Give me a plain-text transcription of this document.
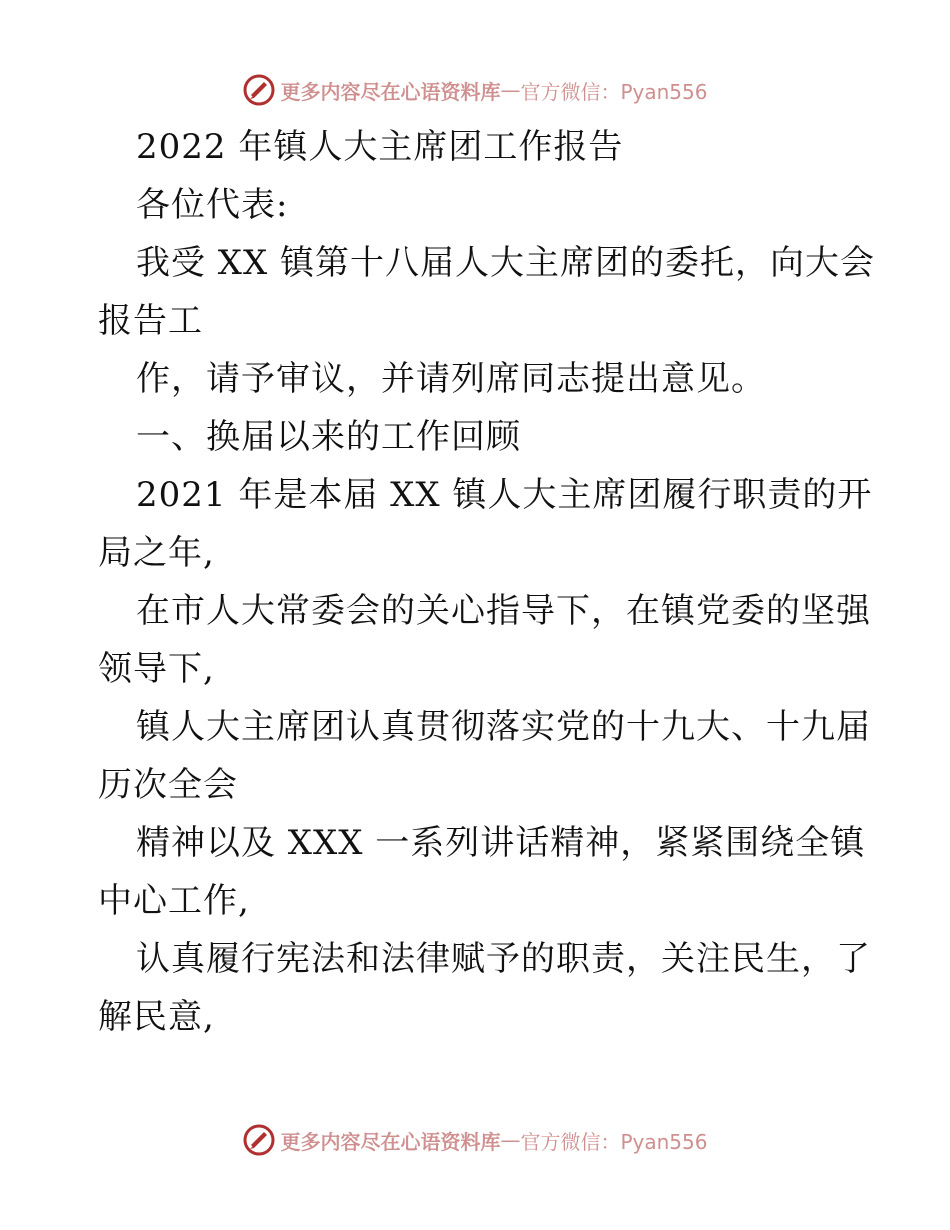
更多内容尽在心语资料库 — 官方微信：Pyan556
2022 年镇人大主席团工作报告
各位代表:
我受 XX 镇第十八届人大主席团的委托，向大会
报告工
作，请予审议，并请列席同志提出意见。
一、换届以来的工作回顾
2021 年是本届 XX 镇人大主席团履行职责的开
局之年,
在市人大常委会的关心指导下，在镇党委的坚强
领导下,
镇人大主席团认真贯彻落实党的十九大、十九届
历次全会
精神以及 XXX 一系列讲话精神，紧紧围绕全镇
中心工作,
认真履行宪法和法律赋予的职责，关注民生，了
解民意,
更多内容尽在心语资料库 — 官方微信：Pyan556
